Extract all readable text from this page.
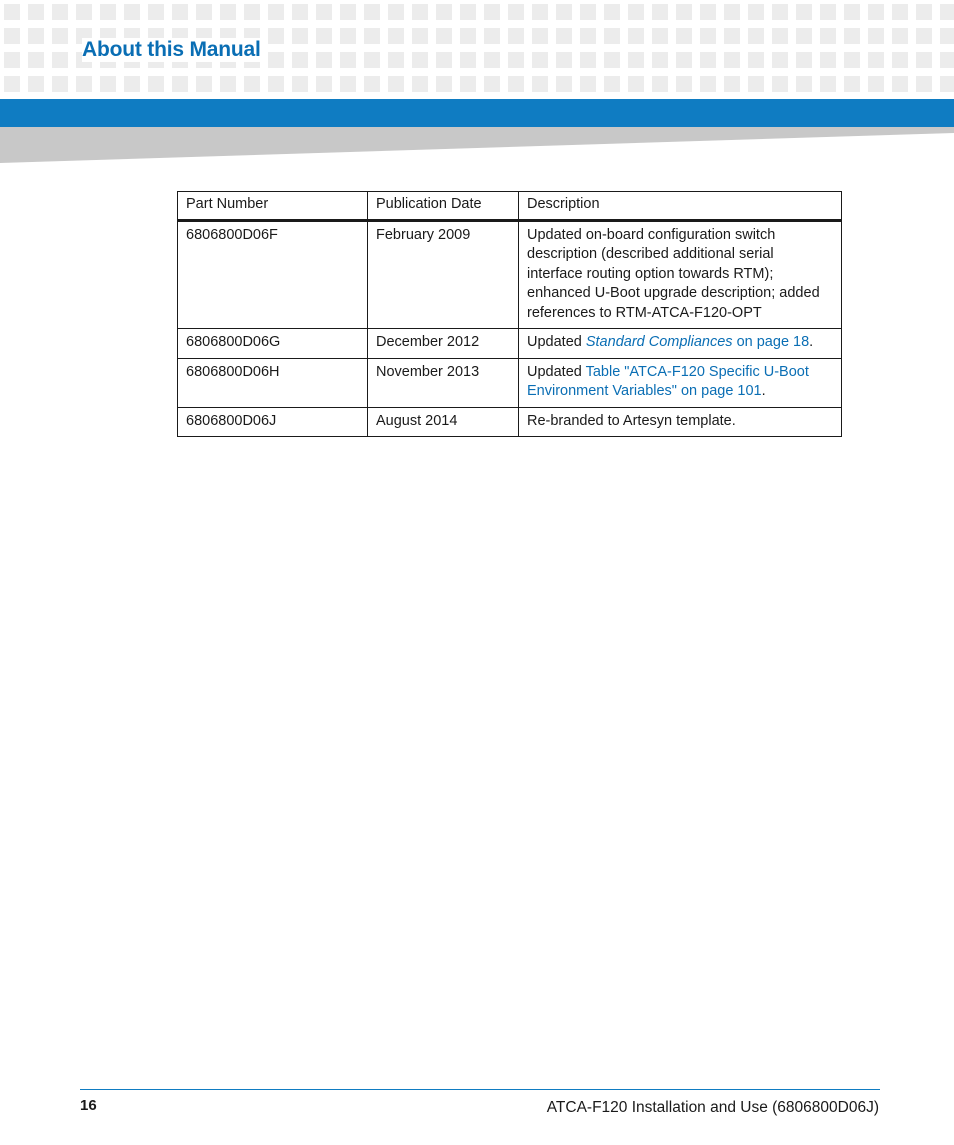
About this Manual
Part Number	Publication Date	Description
6806800D06F	February 2009	Updated on-board configuration switch description (described additional serial interface routing option towards RTM); enhanced U-Boot upgrade description; added references to RTM-ATCA-F120-OPT
6806800D06G	December 2012	Updated Standard Compliances on page 18.
6806800D06H	November 2013	Updated Table "ATCA-F120 Specific U-Boot Environment Variables" on page 101.
6806800D06J	August 2014	Re-branded to Artesyn template.
16	ATCA-F120 Installation and Use (6806800D06J)
